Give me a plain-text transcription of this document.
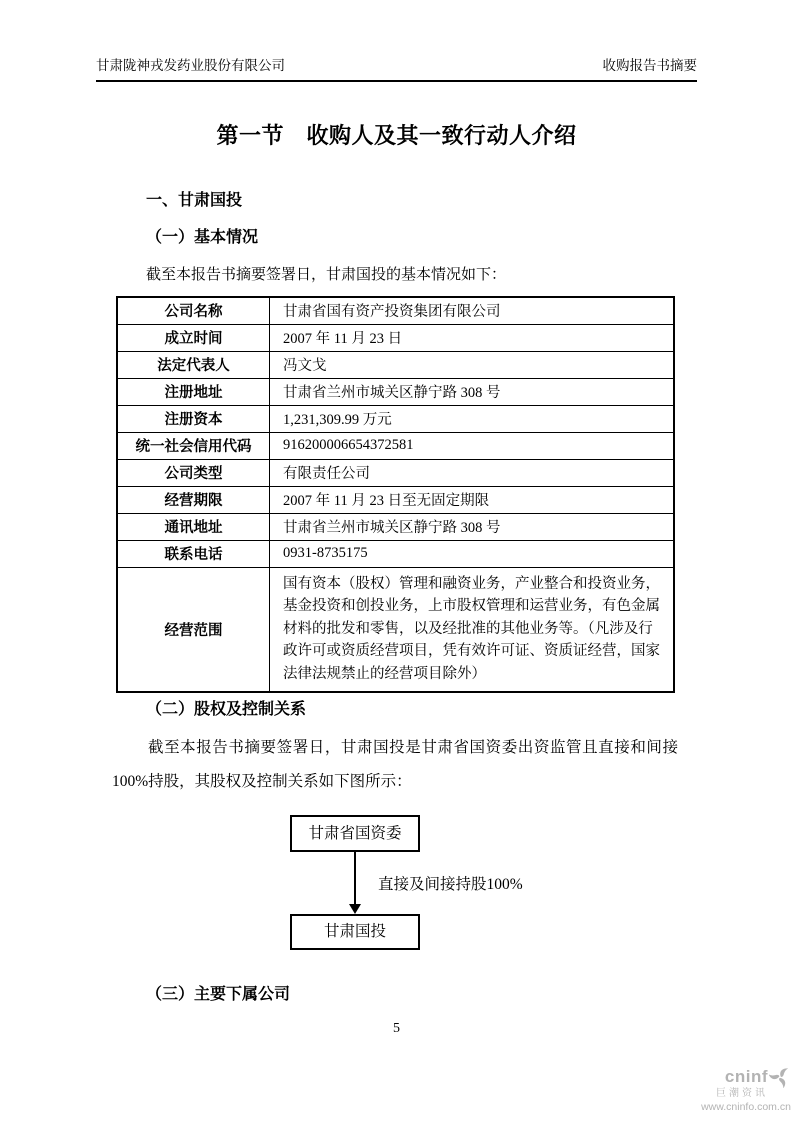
甘肃陇神戎发药业股份有限公司	收购报告书摘要
第一节　收购人及其一致行动人介绍
一、甘肃国投
（一）基本情况
截至本报告书摘要签署日，甘肃国投的基本情况如下：
公司名称	甘肃省国有资产投资集团有限公司
成立时间	2007 年 11 月 23 日
法定代表人	冯文戈
注册地址	甘肃省兰州市城关区静宁路 308 号
注册资本	1,231,309.99 万元
统一社会信用代码	916200006654372581
公司类型	有限责任公司
经营期限	2007 年 11 月 23 日至无固定期限
通讯地址	甘肃省兰州市城关区静宁路 308 号
联系电话	0931-8735175
经营范围	国有资本（股权）管理和融资业务，产业整合和投资业务，基金投资和创投业务，上市股权管理和运营业务，有色金属材料的批发和零售，以及经批准的其他业务等。（凡涉及行政许可或资质经营项目，凭有效许可证、资质证经营，国家法律法规禁止的经营项目除外）
（二）股权及控制关系
截至本报告书摘要签署日，甘肃国投是甘肃省国资委出资监管且直接和间接
100%持股，其股权及控制关系如下图所示：
甘肃省国资委
直接及间接持股100%
甘肃国投
（三）主要下属公司
5
cninf
巨潮资讯
www.cninfo.com.cn
